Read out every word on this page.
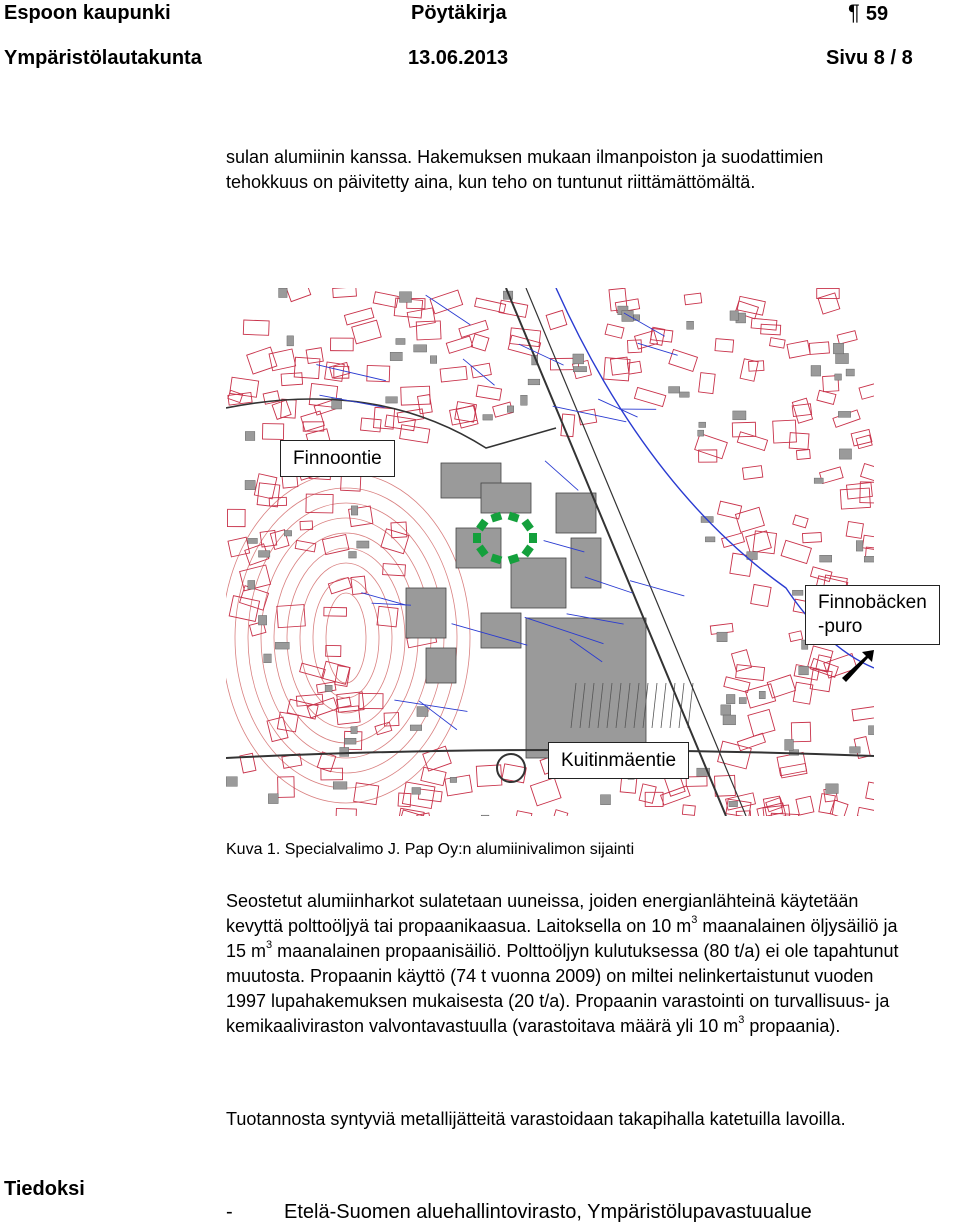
Espoon kaupunki	Pöytäkirja	¶ 59
Ympäristölautakunta	13.06.2013	Sivu 8 / 8
sulan alumiinin kanssa. Hakemuksen mukaan ilmanpoiston ja suodattimien tehokkuus on päivitetty aina, kun teho on tuntunut riittämättömältä.
Finnoontie
Kuitinmäentie
Finnobäcken
-puro
Kuva 1. Specialvalimo J. Pap Oy:n alumiinivalimon sijainti
Seostetut alumiinharkot sulatetaan uuneissa, joiden energianlähteinä käytetään kevyttä polttoöljyä tai propaanikaasua. Laitoksella on 10 $m^3$ maanalainen öljysäiliö ja 15 $m^3$ maanalainen propaanisäiliö. Polttoöljyn kulutuksessa (80 t/a) ei ole tapahtunut muutosta. Propaanin käyttö (74 t vuonna 2009) on miltei nelinkertaistunut vuoden 1997 lupahakemuksen mukaisesta (20 t/a). Propaanin varastointi on turvallisuus- ja kemikaaliviraston valvontavastuulla (varastoitava määrä yli 10 $m^3$ propaania).
Tuotannosta syntyviä metallijätteitä varastoidaan takapihalla katetuilla lavoilla.
Tiedoksi
-	Etelä-Suomen aluehallintovirasto, Ympäristölupavastuualue
